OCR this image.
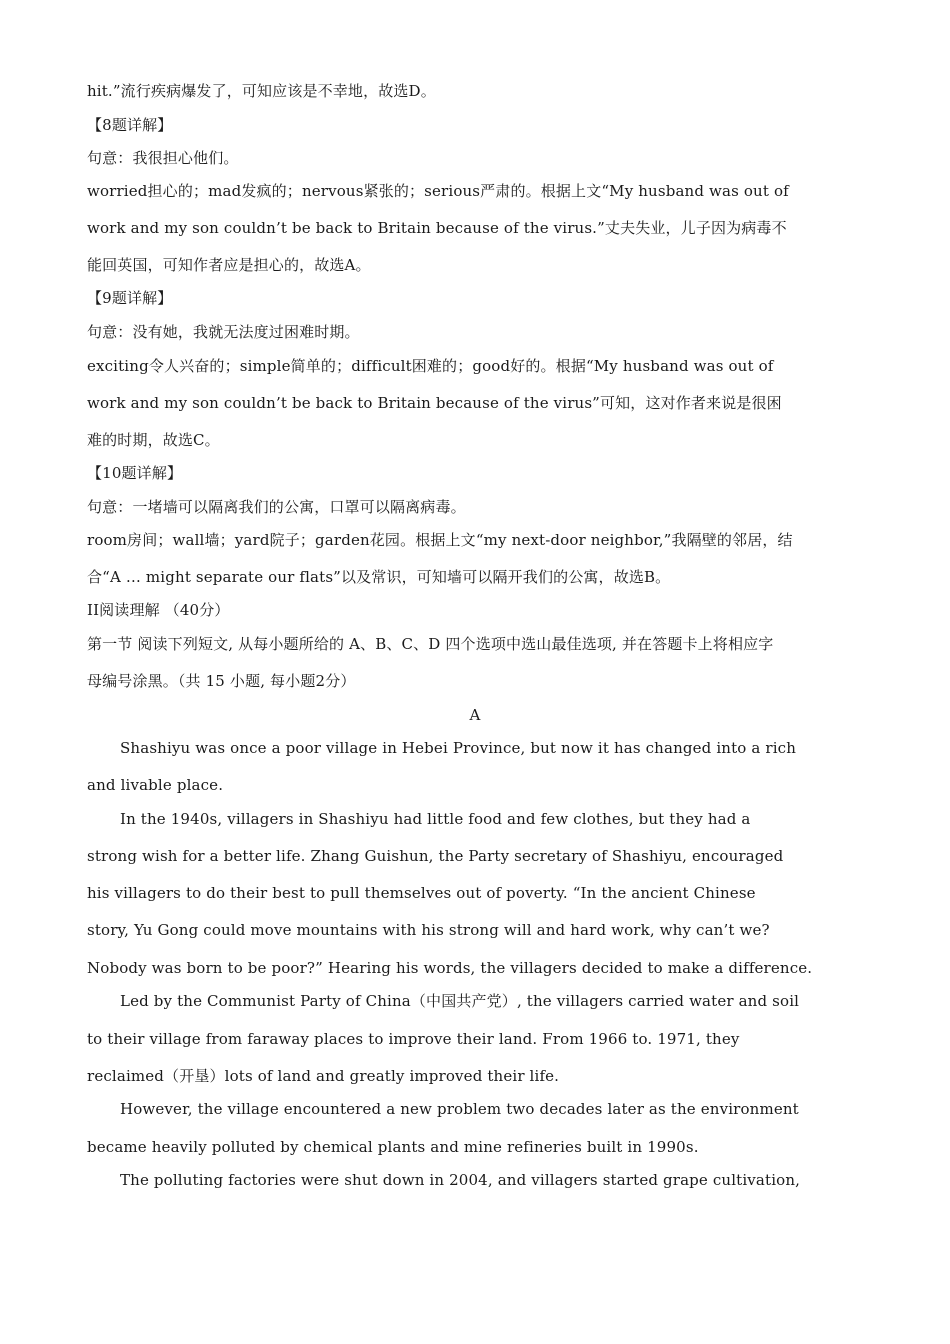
hit.”流行疾病爆发了，可知应该是不幸地，故选D。
【8题详解】
句意：我很担心他们。
worried担心的；mad发疯的；nervous紧张的；serious严肃的。根据上文“My husband was out of
work and my son couldn’t be back to Britain because of the virus.”丈夫失业，儿子因为病毒不
能回英国，可知作者应是担心的，故选A。
【9题详解】
句意：没有她，我就无法度过困难时期。
exciting令人兴奋的；simple简单的；difficult困难的；good好的。根据“My husband was out of
work and my son couldn’t be back to Britain because of the virus”可知，这对作者来说是很困
难的时期，故选C。
【10题详解】
句意：一堵墙可以隔离我们的公寓，口罩可以隔离病毒。
room房间；wall墙；yard院子；garden花园。根据上文“my next-door neighbor,”我隔壁的邻居，结
合“A … might separate our flats”以及常识，可知墙可以隔开我们的公寓，故选B。
II阅读理解 （40分）
第一节 阅读下列短文, 从每小题所给的 A、B、C、D 四个选项中选山最佳选项, 并在答题卡上将相应字
母编号涂黑。（共 15 小题, 每小题2分）
A
Shashiyu was once a poor village in Hebei Province, but now it has changed into a rich
and livable place.
In the 1940s, villagers in Shashiyu had little food and few clothes, but they had a
strong wish for a better life. Zhang Guishun, the Party secretary of Shashiyu, encouraged
his villagers to do their best to pull themselves out of poverty. “In the ancient Chinese
story, Yu Gong could move mountains with his strong will and hard work, why can’t we?
Nobody was born to be poor?” Hearing his words, the villagers decided to make a difference.
Led by the Communist Party of China（中国共产党）, the villagers carried water and soil
to their village from faraway places to improve their land. From 1966 to. 1971, they
reclaimed（开垦）lots of land and greatly improved their life.
However, the village encountered a new problem two decades later as the environment
became heavily polluted by chemical plants and mine refineries built in 1990s.
The polluting factories were shut down in 2004, and villagers started grape cultivation,
